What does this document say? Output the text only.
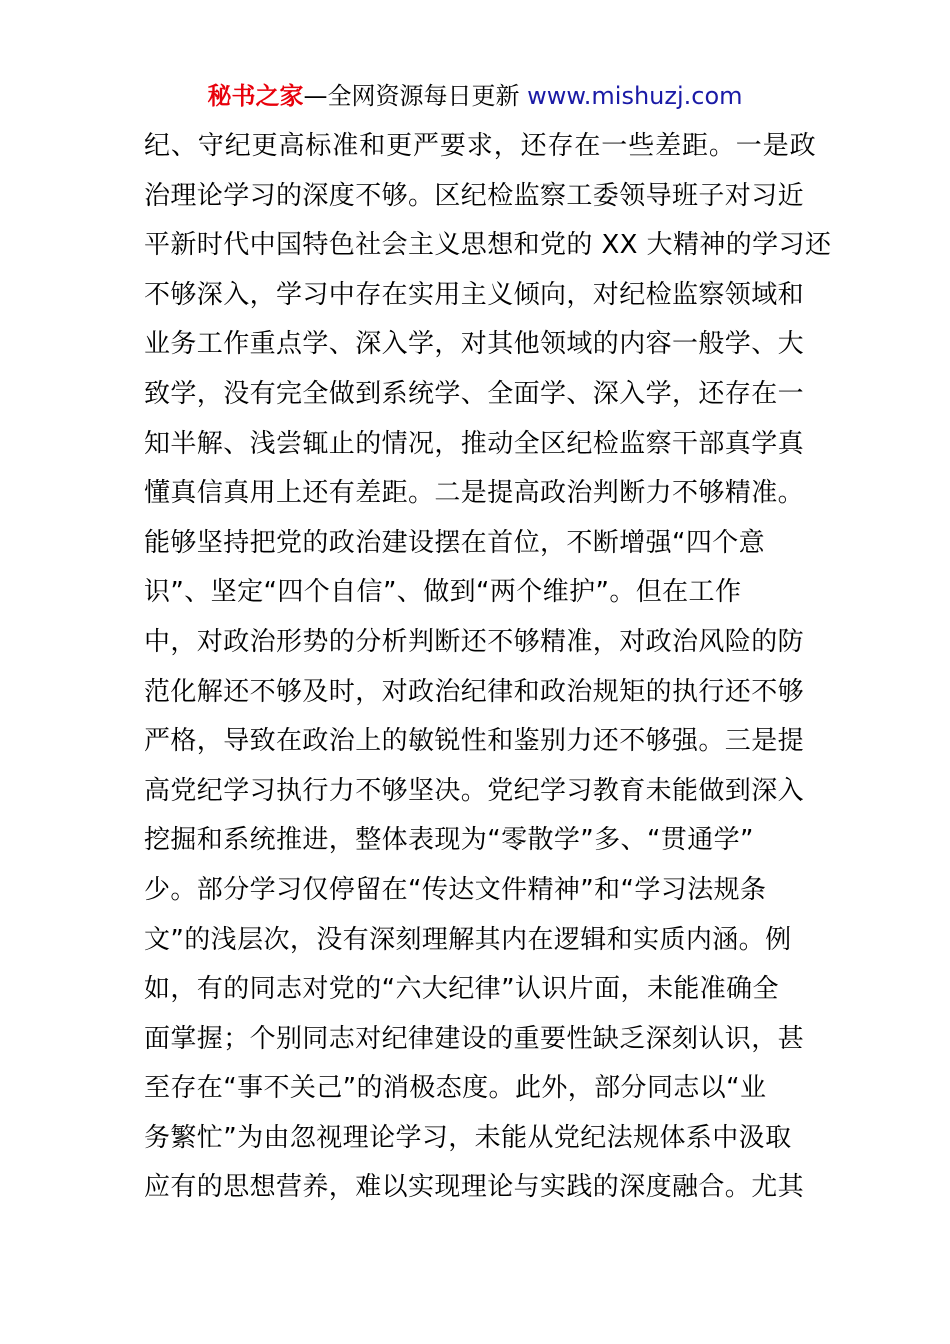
秘书之家—全网资源每日更新 www.mishuzj.com
纪、守纪更高标准和更严要求，还存在一些差距。一是政
治理论学习的深度不够。区纪检监察工委领导班子对习近
平新时代中国特色社会主义思想和党的 XX 大精神的学习还
不够深入，学习中存在实用主义倾向，对纪检监察领域和
业务工作重点学、深入学，对其他领域的内容一般学、大
致学，没有完全做到系统学、全面学、深入学，还存在一
知半解、浅尝辄止的情况，推动全区纪检监察干部真学真
懂真信真用上还有差距。二是提高政治判断力不够精准。
能够坚持把党的政治建设摆在首位，不断增强“四个意
识”、坚定“四个自信”、做到“两个维护”。但在工作
中，对政治形势的分析判断还不够精准，对政治风险的防
范化解还不够及时，对政治纪律和政治规矩的执行还不够
严格，导致在政治上的敏锐性和鉴别力还不够强。三是提
高党纪学习执行力不够坚决。党纪学习教育未能做到深入
挖掘和系统推进，整体表现为“零散学”多、“贯通学”
少。部分学习仅停留在“传达文件精神”和“学习法规条
文”的浅层次，没有深刻理解其内在逻辑和实质内涵。例
如，有的同志对党的“六大纪律”认识片面，未能准确全
面掌握；个别同志对纪律建设的重要性缺乏深刻认识，甚
至存在“事不关己”的消极态度。此外，部分同志以“业
务繁忙”为由忽视理论学习，未能从党纪法规体系中汲取
应有的思想营养，难以实现理论与实践的深度融合。尤其
